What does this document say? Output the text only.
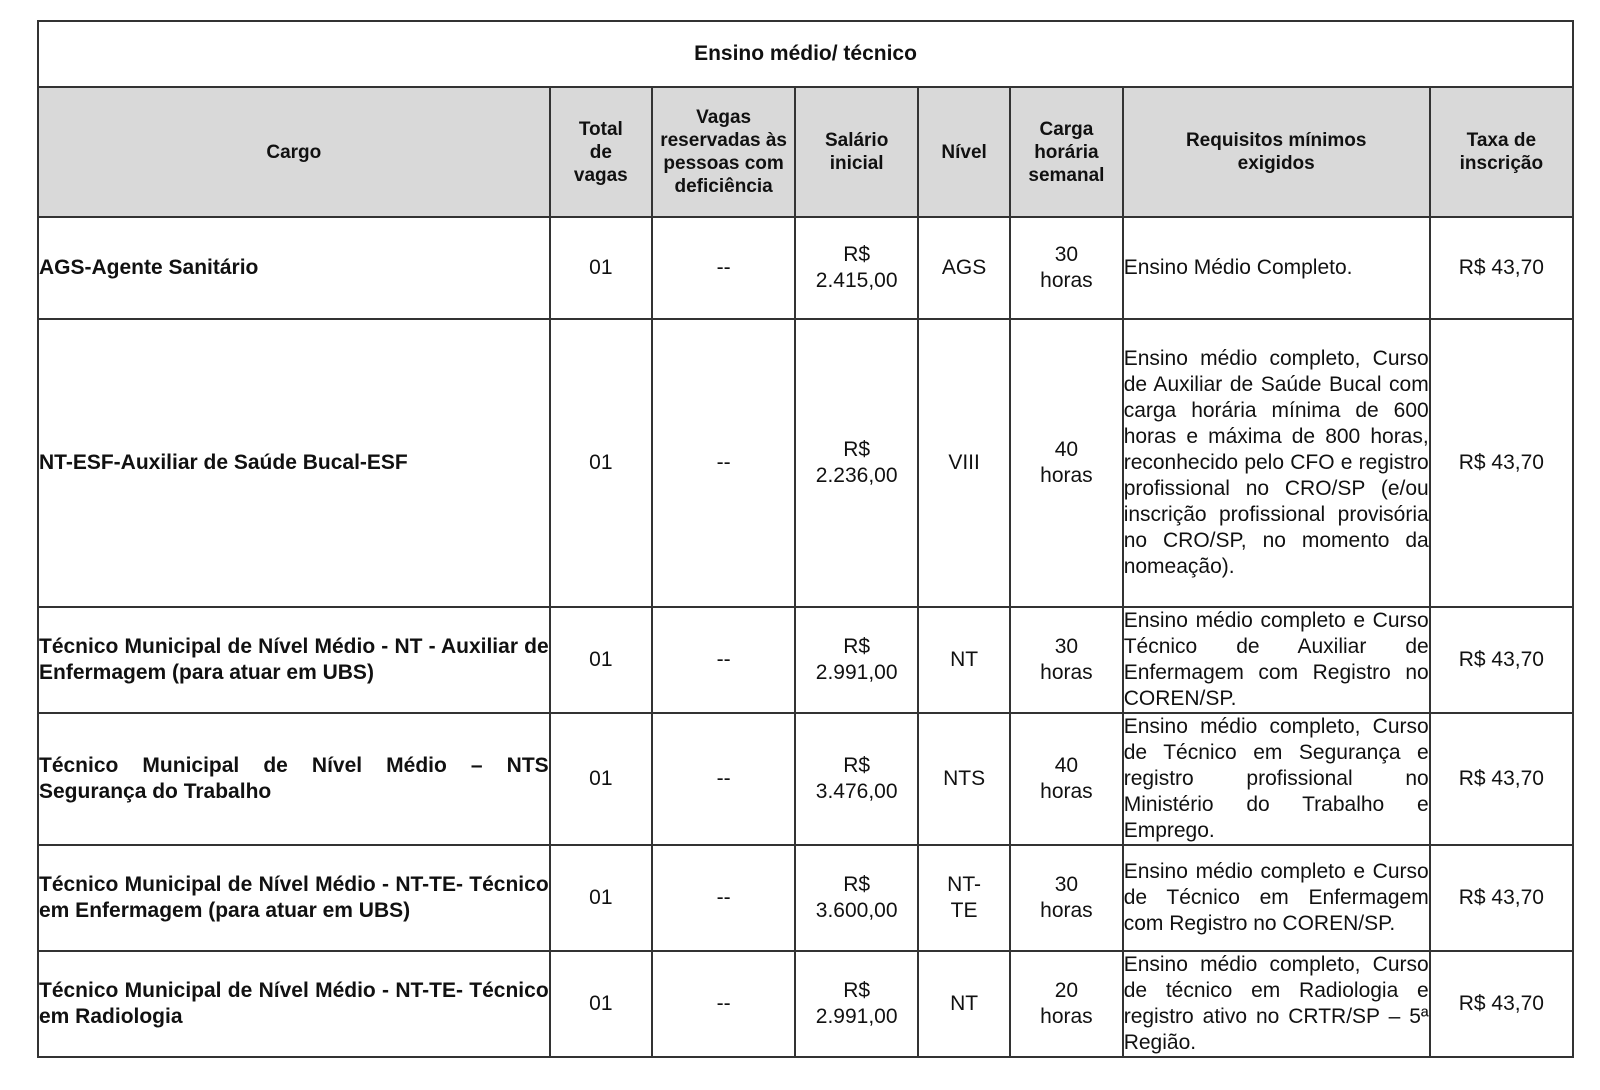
Ensino médio/ técnico							
Cargo	Total de vagas	Vagas reservadas às pessoas com deficiência	Salário inicial	Nível	Carga horária semanal	Requisitos mínimos exigidos	Taxa de inscrição
AGS-Agente Sanitário	01	--	R$ 2.415,00	AGS	30 horas	Ensino Médio Completo.	R$ 43,70
NT-ESF-Auxiliar de Saúde Bucal-ESF	01	--	R$ 2.236,00	VIII	40 horas	Ensino médio completo, Curso de Auxiliar de Saúde Bucal com carga horária mínima de 600 horas e máxima de 800 horas, reconhecido pelo CFO e registro profissional no CRO/SP (e/ou inscrição profissional provisória no CRO/SP, no momento da nomeação).	R$ 43,70
Técnico Municipal de Nível Médio - NT - Auxiliar de Enfermagem (para atuar em UBS)	01	--	R$ 2.991,00	NT	30 horas	Ensino médio completo e Curso Técnico de Auxiliar de Enfermagem com Registro no COREN/SP.	R$ 43,70
Técnico Municipal de Nível Médio – NTS Segurança do Trabalho	01	--	R$ 3.476,00	NTS	40 horas	Ensino médio completo, Curso de Técnico em Segurança e registro profissional no Ministério do Trabalho e Emprego.	R$ 43,70
Técnico Municipal de Nível Médio - NT-TE- Técnico em Enfermagem (para atuar em UBS)	01	--	R$ 3.600,00	NT-TE	30 horas	Ensino médio completo e Curso de Técnico em Enfermagem com Registro no COREN/SP.	R$ 43,70
Técnico Municipal de Nível Médio - NT-TE- Técnico em Radiologia	01	--	R$ 2.991,00	NT	20 horas	Ensino médio completo, Curso de técnico em Radiologia e registro ativo no CRTR/SP – 5ª Região.	R$ 43,70
